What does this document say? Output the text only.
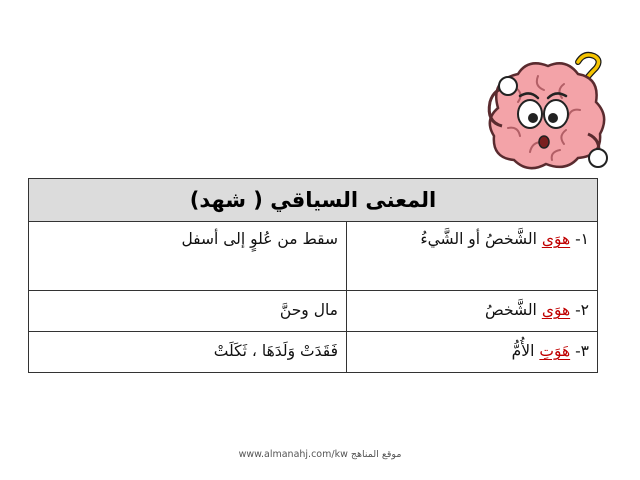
المعنى السياقي ( شهد)	
١- هوَى الشَّخصُ أو الشَّيءُ	سقط من عُلوٍ إلى أسفل
٢- هوَى الشَّخصُ	مال وحنَّ
٣- هَوَتِ الأُمُّ	فَقَدَتْ وَلَدَهَا ، ثَكَلَتْ
www.almanahj.com/kw موقع المناهج
